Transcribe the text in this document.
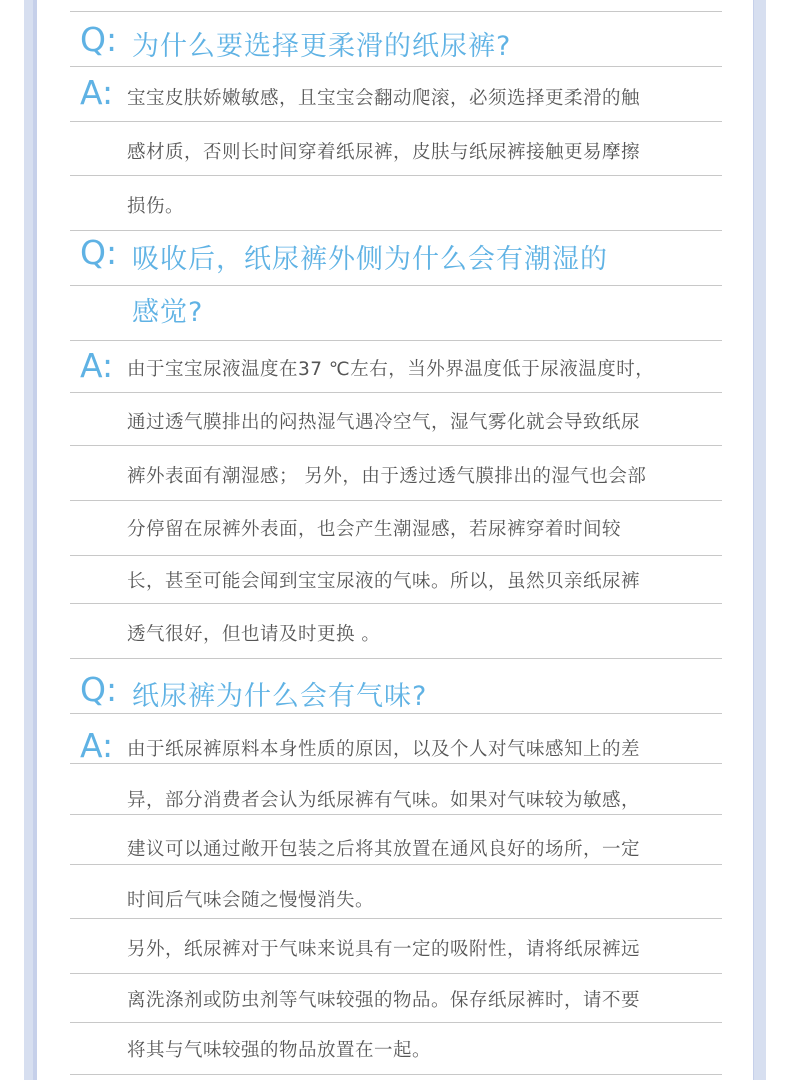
Q: 为什么要选择更柔滑的纸尿裤?
A: 宝宝皮肤娇嫩敏感，且宝宝会翻动爬滚，必须选择更柔滑的触
感材质，否则长时间穿着纸尿裤，皮肤与纸尿裤接触更易摩擦
损伤。
Q: 吸收后，纸尿裤外侧为什么会有潮湿的
感觉?
A: 由于宝宝尿液温度在37 ℃左右，当外界温度低于尿液温度时，
通过透气膜排出的闷热湿气遇冷空气，湿气雾化就会导致纸尿
裤外表面有潮湿感； 另外，由于透过透气膜排出的湿气也会部
分停留在尿裤外表面，也会产生潮湿感，若尿裤穿着时间较
长，甚至可能会闻到宝宝尿液的气味。所以，虽然贝亲纸尿裤
透气很好，但也请及时更换 。
Q: 纸尿裤为什么会有气味?
A: 由于纸尿裤原料本身性质的原因，以及个人对气味感知上的差
异，部分消费者会认为纸尿裤有气味。如果对气味较为敏感，
建议可以通过敞开包装之后将其放置在通风良好的场所，一定
时间后气味会随之慢慢消失。
另外，纸尿裤对于气味来说具有一定的吸附性，请将纸尿裤远
离洗涤剂或防虫剂等气味较强的物品。保存纸尿裤时，请不要
将其与气味较强的物品放置在一起。
